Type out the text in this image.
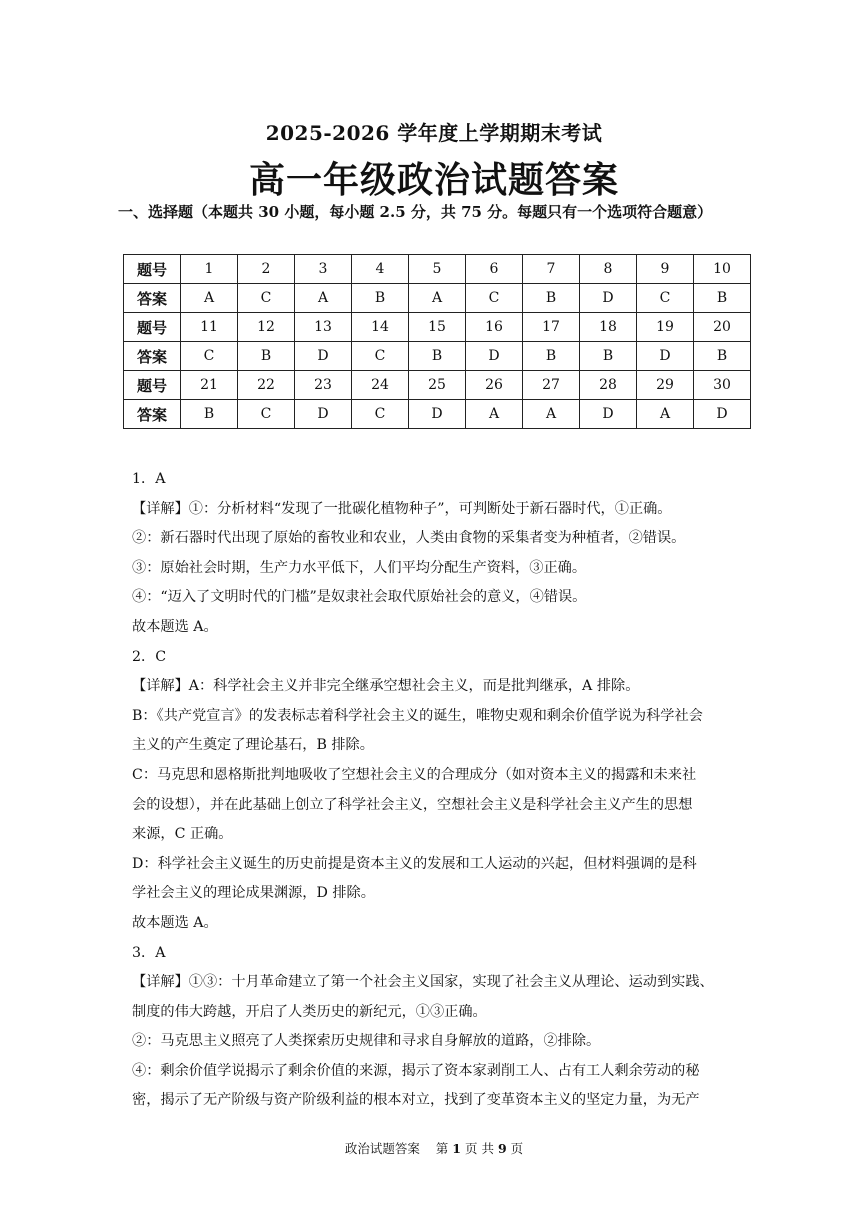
2025-2026 学年度上学期期末考试
高一年级政治试题答案
一、选择题（本题共 30 小题，每小题 2.5 分，共 75 分。每题只有一个选项符合题意）
题号	1	2	3	4	5	6	7	8	9	10
答案	A	C	A	B	A	C	B	D	C	B
题号	11	12	13	14	15	16	17	18	19	20
答案	C	B	D	C	B	D	B	B	D	B
题号	21	22	23	24	25	26	27	28	29	30
答案	B	C	D	C	D	A	A	D	A	D
1．A
【详解】①：分析材料“发现了一批碳化植物种子”，可判断处于新石器时代，①正确。
②：新石器时代出现了原始的畜牧业和农业，人类由食物的采集者变为种植者，②错误。
③：原始社会时期，生产力水平低下，人们平均分配生产资料，③正确。
④：“迈入了文明时代的门槛”是奴隶社会取代原始社会的意义，④错误。
故本题选 A。
2．C
【详解】A：科学社会主义并非完全继承空想社会主义，而是批判继承，A 排除。
B：《共产党宣言》的发表标志着科学社会主义的诞生，唯物史观和剩余价值学说为科学社会
主义的产生奠定了理论基石，B 排除。
C：马克思和恩格斯批判地吸收了空想社会主义的合理成分（如对资本主义的揭露和未来社
会的设想），并在此基础上创立了科学社会主义，空想社会主义是科学社会主义产生的思想
来源，C 正确。
D：科学社会主义诞生的历史前提是资本主义的发展和工人运动的兴起，但材料强调的是科
学社会主义的理论成果渊源，D 排除。
故本题选 A。
3．A
【详解】①③：十月革命建立了第一个社会主义国家，实现了社会主义从理论、运动到实践、
制度的伟大跨越，开启了人类历史的新纪元，①③正确。
②：马克思主义照亮了人类探索历史规律和寻求自身解放的道路，②排除。
④：剩余价值学说揭示了剩余价值的来源，揭示了资本家剥削工人、占有工人剩余劳动的秘
密，揭示了无产阶级与资产阶级利益的根本对立，找到了变革资本主义的坚定力量，为无产
政治试题答案 第 1 页 共 9 页
